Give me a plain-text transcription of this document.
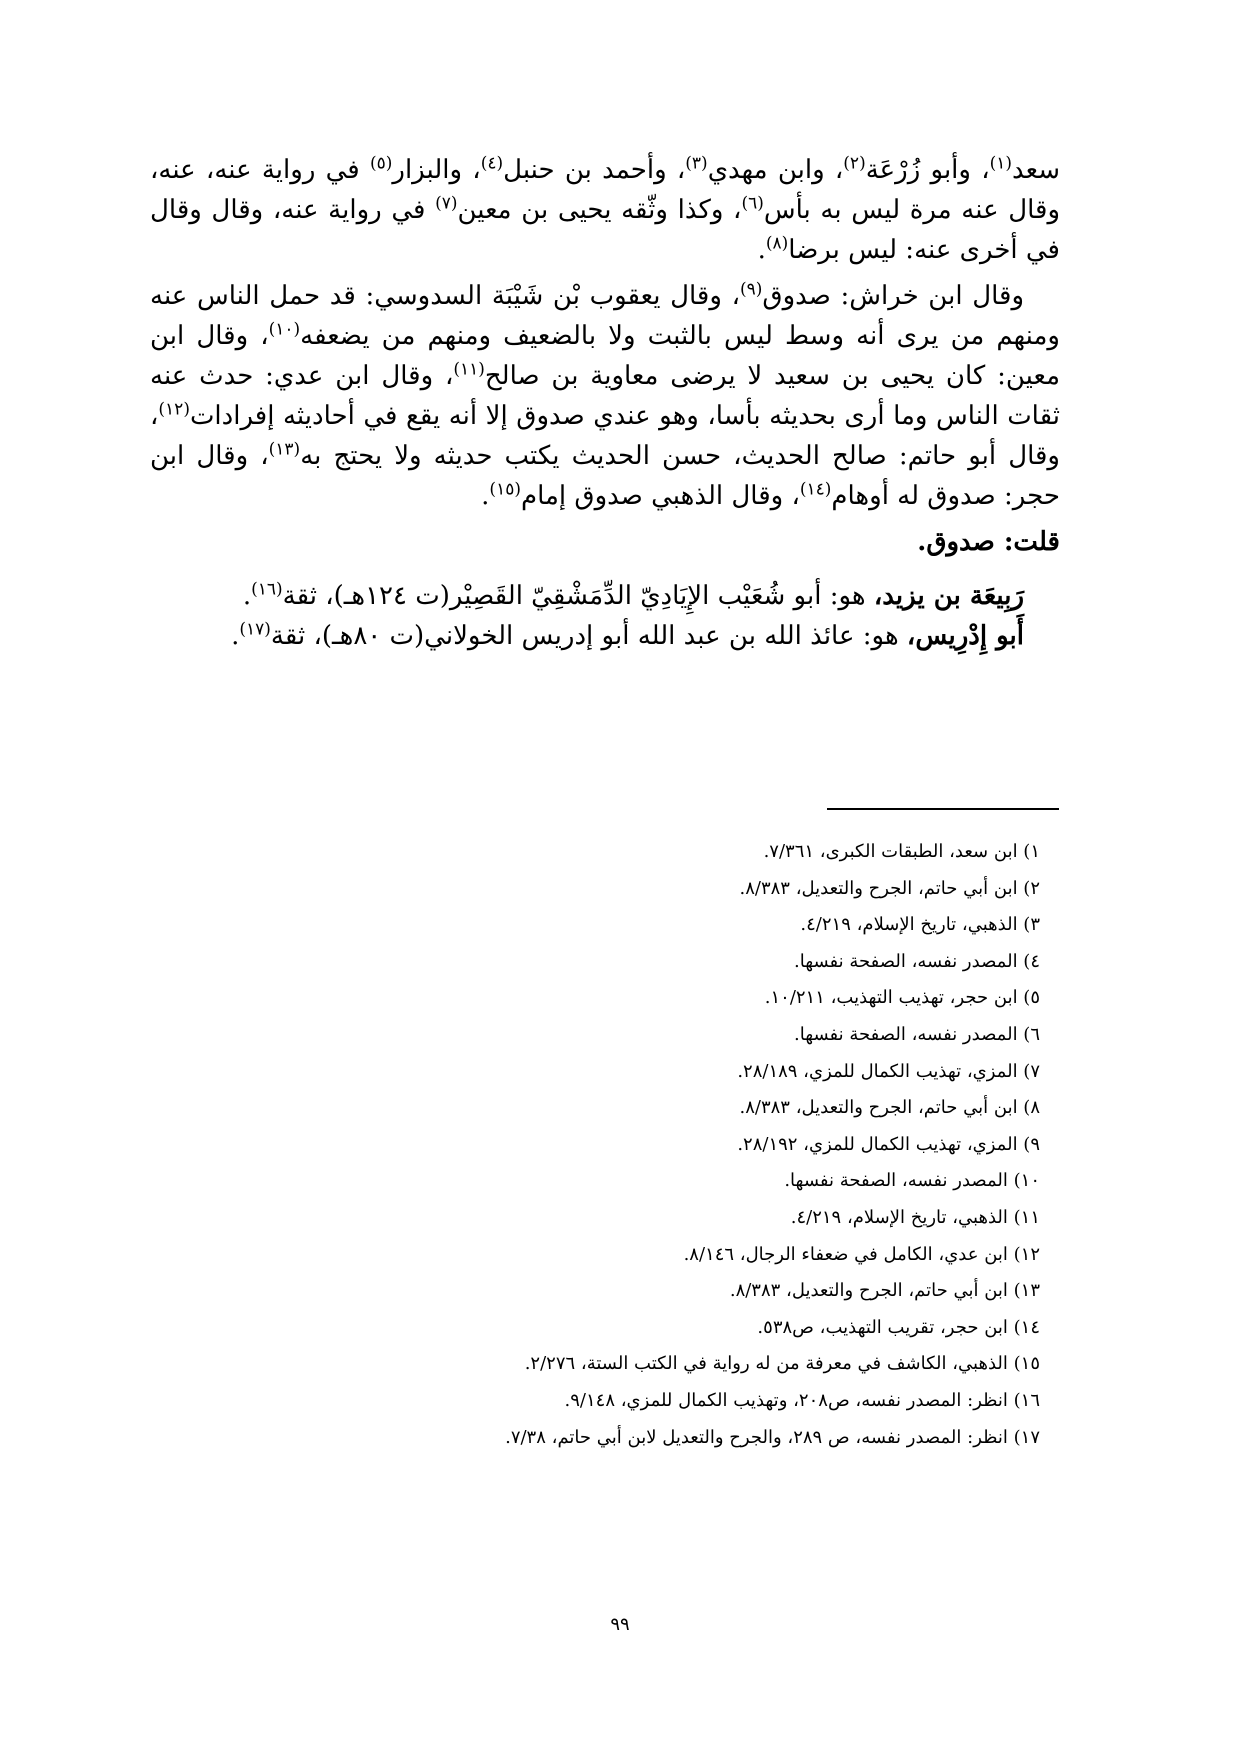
سعد$^{(١)}$، وأبو زُرْعَة$^{(٢)}$، وابن مهدي$^{(٣)}$، وأحمد بن حنبل$^{(٤)}$، والبزار$^{(٥)}$ في رواية عنه، عنه، وقال عنه مرة ليس به بأس$^{(٦)}$، وكذا وثّقه يحيى بن معين$^{(٧)}$ في رواية عنه، وقال وقال في أخرى عنه: ليس برضا$^{(٨)}$.

وقال ابن خراش: صدوق$^{(٩)}$، وقال يعقوب بْن شَيْبَة السدوسي: قد حمل الناس عنه ومنهم من يرى أنه وسط ليس بالثبت ولا بالضعيف ومنهم من يضعفه$^{(١٠)}$، وقال ابن معين: كان يحيى بن سعيد لا يرضى معاوية بن صالح$^{(١١)}$، وقال ابن عدي: حدث عنه ثقات الناس وما أرى بحديثه بأسا، وهو عندي صدوق إلا أنه يقع في أحاديثه إفرادات$^{(١٢)}$، وقال أبو حاتم: صالح الحديث، حسن الحديث يكتب حديثه ولا يحتج به$^{(١٣)}$، وقال ابن حجر: صدوق له أوهام$^{(١٤)}$، وقال الذهبي صدوق إمام$^{(١٥)}$.

قلت: صدوق.

رَبِيعَة بن يزيد، هو: أبو شُعَيْب الإِيَادِيّ الدِّمَشْقِيّ القَصِيْر(ت ١٢٤هـ)، ثقة$^{(١٦)}$.

أَبو إِدْرِيس، هو: عائذ الله بن عبد الله أبو إدريس الخولاني(ت ٨٠هـ)، ثقة$^{(١٧)}$.

١) ابن سعد، الطبقات الكبرى، ٧/٣٦١.
٢) ابن أبي حاتم، الجرح والتعديل، ٨/٣٨٣.
٣) الذهبي، تاريخ الإسلام، ٤/٢١٩.
٤) المصدر نفسه، الصفحة نفسها.
٥) ابن حجر، تهذيب التهذيب، ١٠/٢١١.
٦) المصدر نفسه، الصفحة نفسها.
٧) المزي، تهذيب الكمال للمزي، ٢٨/١٨٩.
٨) ابن أبي حاتم، الجرح والتعديل، ٨/٣٨٣.
٩) المزي، تهذيب الكمال للمزي، ٢٨/١٩٢.
١٠) المصدر نفسه، الصفحة نفسها.
١١) الذهبي، تاريخ الإسلام، ٤/٢١٩.
١٢) ابن عدي، الكامل في ضعفاء الرجال، ٨/١٤٦.
١٣) ابن أبي حاتم، الجرح والتعديل، ٨/٣٨٣.
١٤) ابن حجر، تقريب التهذيب، ص٥٣٨.
١٥) الذهبي، الكاشف في معرفة من له رواية في الكتب الستة، ٢/٢٧٦.
١٦) انظر: المصدر نفسه، ص٢٠٨، وتهذيب الكمال للمزي، ٩/١٤٨.
١٧) انظر: المصدر نفسه، ص ٢٨٩، والجرح والتعديل لابن أبي حاتم، ٧/٣٨.
٩٩
